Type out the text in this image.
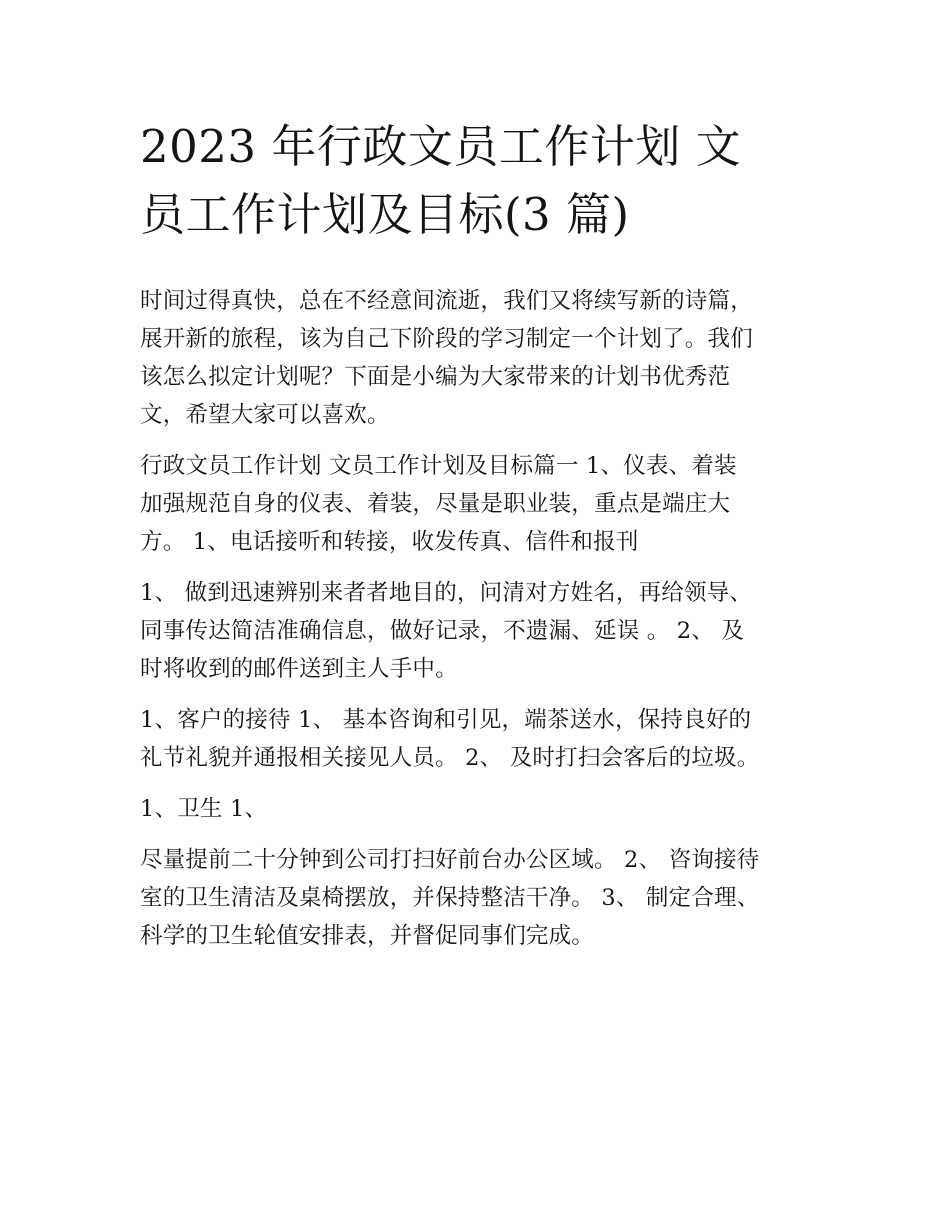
2023 年行政文员工作计划 文
员工作计划及目标(3 篇)
时间过得真快，总在不经意间流逝，我们又将续写新的诗篇，
展开新的旅程，该为自己下阶段的学习制定一个计划了。我们
该怎么拟定计划呢？下面是小编为大家带来的计划书优秀范
文，希望大家可以喜欢。
行政文员工作计划 文员工作计划及目标篇一 1、仪表、着装
加强规范自身的仪表、着装，尽量是职业装，重点是端庄大
方。 1、电话接听和转接，收发传真、信件和报刊
1、 做到迅速辨别来者者地目的，问清对方姓名，再给领导、
同事传达简洁准确信息，做好记录，不遗漏、延误 。 2、 及
时将收到的邮件送到主人手中。
1、客户的接待 1、 基本咨询和引见，端茶送水，保持良好的
礼节礼貌并通报相关接见人员。 2、 及时打扫会客后的垃圾。
1、卫生 1、
尽量提前二十分钟到公司打扫好前台办公区域。 2、 咨询接待
室的卫生清洁及桌椅摆放，并保持整洁干净。 3、 制定合理、
科学的卫生轮值安排表，并督促同事们完成。
